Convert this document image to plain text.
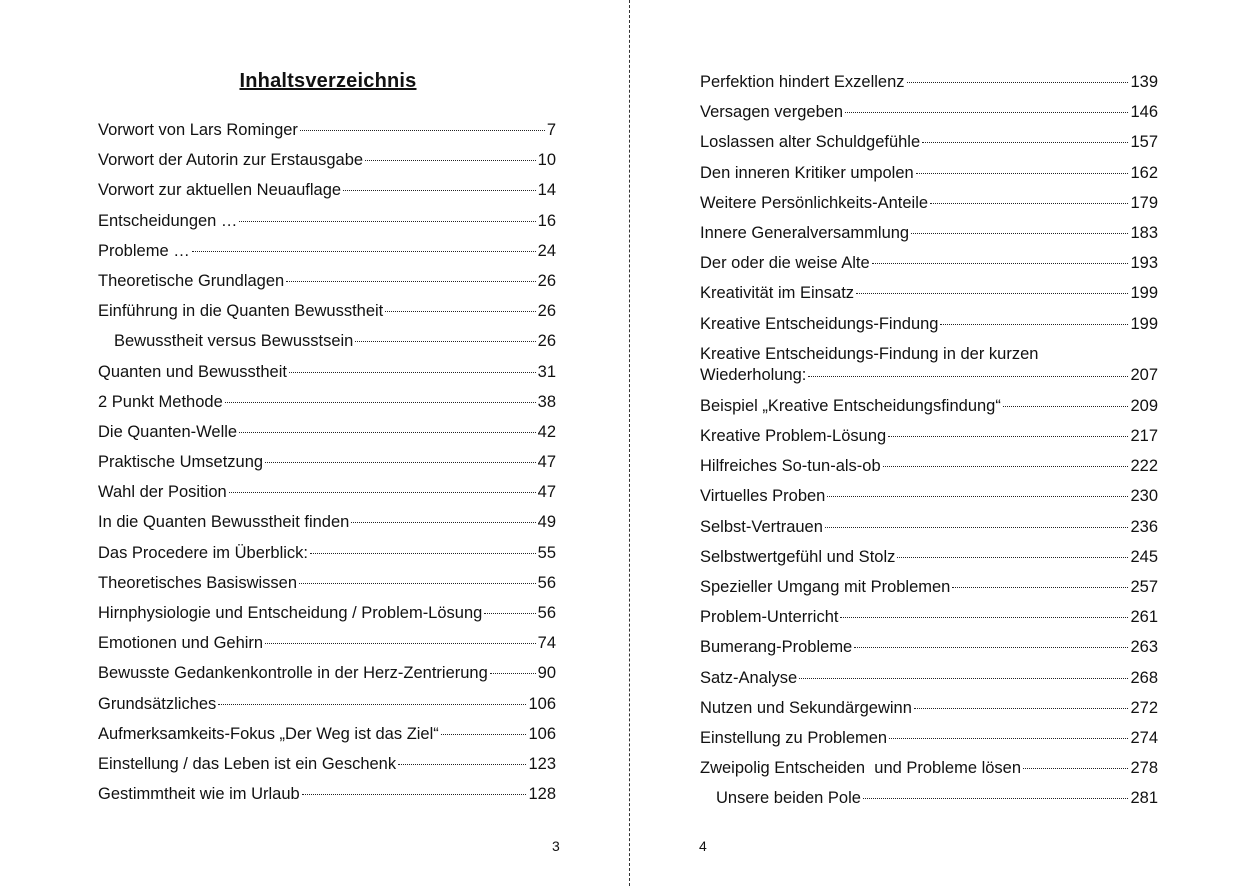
Inhaltsverzeichnis
Vorwort von Lars Rominger	7
Vorwort der Autorin zur Erstausgabe	10
Vorwort zur aktuellen Neuauflage	14
Entscheidungen …	16
Probleme …	24
Theoretische Grundlagen	26
Einführung in die Quanten Bewusstheit	26
Bewusstheit versus Bewusstsein	26
Quanten und Bewusstheit	31
2 Punkt Methode	38
Die Quanten-Welle	42
Praktische Umsetzung	47
Wahl der Position	47
In die Quanten Bewusstheit finden	49
Das Procedere im Überblick:	55
Theoretisches Basiswissen	56
Hirnphysiologie und Entscheidung / Problem-Lösung	56
Emotionen und Gehirn	74
Bewusste Gedankenkontrolle in der Herz-Zentrierung	90
Grundsätzliches	106
Aufmerksamkeits-Fokus „Der Weg ist das Ziel“	106
Einstellung / das Leben ist ein Geschenk	123
Gestimmtheit wie im Urlaub	128
3
Perfektion hindert Exzellenz	139
Versagen vergeben	146
Loslassen alter Schuldgefühle	157
Den inneren Kritiker umpolen	162
Weitere Persönlichkeits-Anteile	179
Innere Generalversammlung	183
Der oder die weise Alte	193
Kreativität im Einsatz	199
Kreative Entscheidungs-Findung	199
Kreative Entscheidungs-Findung in der kurzen
Wiederholung:	207
Beispiel „Kreative Entscheidungsfindung“	209
Kreative Problem-Lösung	217
Hilfreiches So-tun-als-ob	222
Virtuelles Proben	230
Selbst-Vertrauen	236
Selbstwertgefühl und Stolz	245
Spezieller Umgang mit Problemen	257
Problem-Unterricht	261
Bumerang-Probleme	263
Satz-Analyse	268
Nutzen und Sekundärgewinn	272
Einstellung zu Problemen	274
Zweipolig Entscheiden  und Probleme lösen	278
Unsere beiden Pole	281
4
